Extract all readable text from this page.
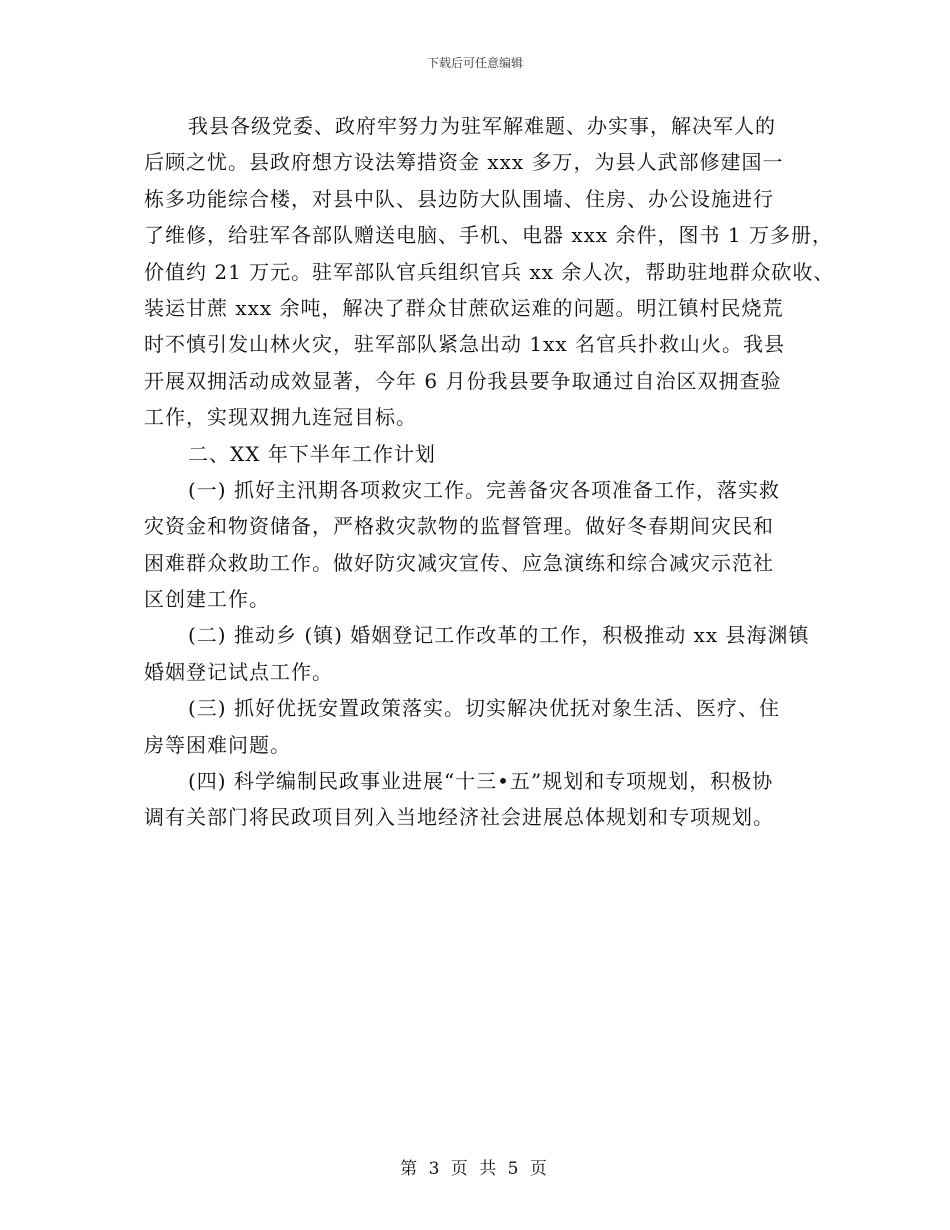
下载后可任意编辑
我县各级党委、政府牢努力为驻军解难题、办实事，解决军人的
后顾之忧。县政府想方设法筹措资金 xxx 多万，为县人武部修建国一
栋多功能综合楼，对县中队、县边防大队围墙、住房、办公设施进行
了维修，给驻军各部队赠送电脑、手机、电器 xxx 余件，图书 1 万多册，
价值约 21 万元。驻军部队官兵组织官兵 xx 余人次，帮助驻地群众砍收、
装运甘蔗 xxx 余吨，解决了群众甘蔗砍运难的问题。明江镇村民烧荒
时不慎引发山林火灾，驻军部队紧急出动 1xx 名官兵扑救山火。我县
开展双拥活动成效显著，今年 6 月份我县要争取通过自治区双拥查验
工作，实现双拥九连冠目标。
二、XX 年下半年工作计划
(一) 抓好主汛期各项救灾工作。完善备灾各项准备工作，落实救
灾资金和物资储备，严格救灾款物的监督管理。做好冬春期间灾民和
困难群众救助工作。做好防灾减灾宣传、应急演练和综合减灾示范社
区创建工作。
(二) 推动乡 (镇) 婚姻登记工作改革的工作，积极推动 xx 县海渊镇
婚姻登记试点工作。
(三) 抓好优抚安置政策落实。切实解决优抚对象生活、医疗、住
房等困难问题。
(四) 科学编制民政事业进展“十三•五”规划和专项规划，积极协
调有关部门将民政项目列入当地经济社会进展总体规划和专项规划。
第 3 页 共 5 页
